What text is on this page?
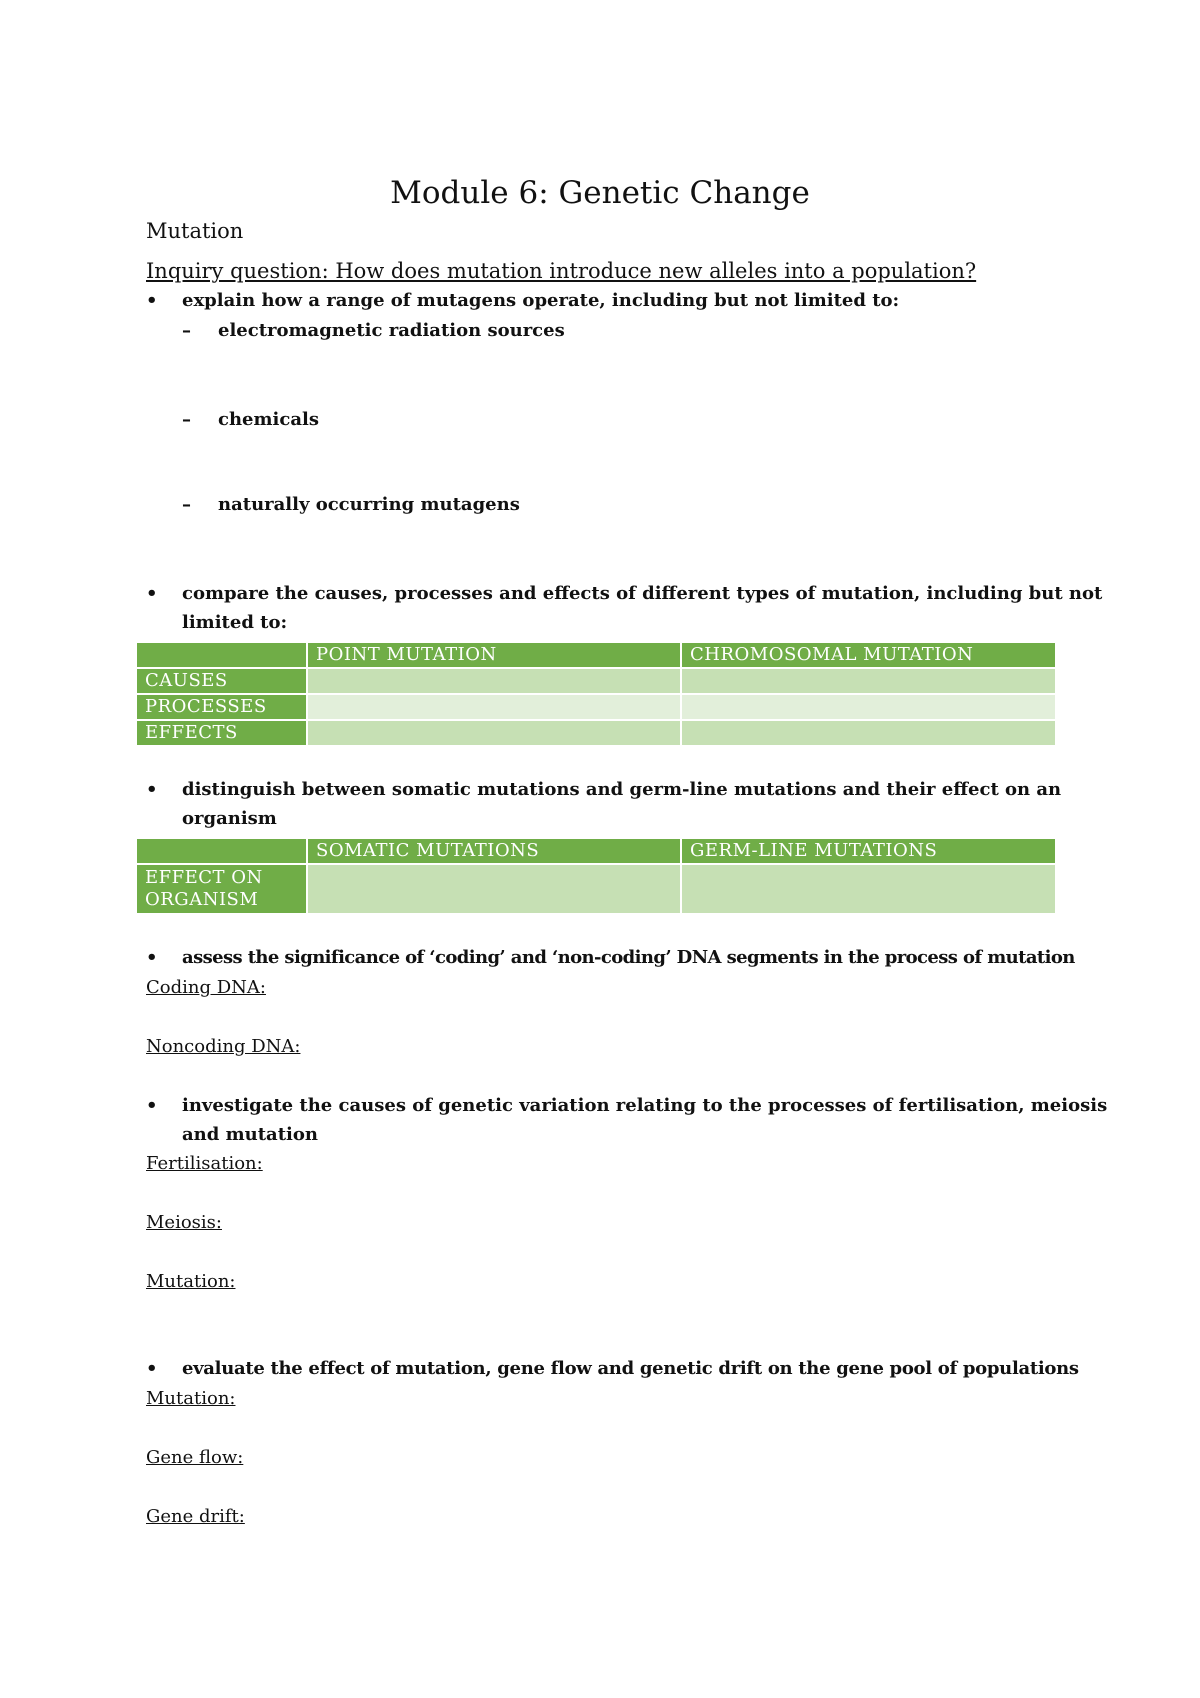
Module 6: Genetic Change
Mutation
Inquiry question: How does mutation introduce new alleles into a population?
•	explain how a range of mutagens operate, including but not limited to:
– electromagnetic radiation sources
– chemicals
– naturally occurring mutagens
•	compare the causes, processes and effects of different types of mutation, including but not
limited to:
	POINT MUTATION	CHROMOSOMAL MUTATION
CAUSES		
PROCESSES		
EFFECTS		
•	distinguish between somatic mutations and germ-line mutations and their effect on an
organism
	SOMATIC MUTATIONS	GERM-LINE MUTATIONS

EFFECT ON
ORGANISM		

•	assess the significance of ‘coding’ and ‘non-coding’ DNA segments in the process of mutation
Coding DNA:
Noncoding DNA:
•	investigate the causes of genetic variation relating to the processes of fertilisation, meiosis
and mutation
Fertilisation:
Meiosis:
Mutation:
•	evaluate the effect of mutation, gene flow and genetic drift on the gene pool of populations
Mutation:
Gene flow:
Gene drift:
